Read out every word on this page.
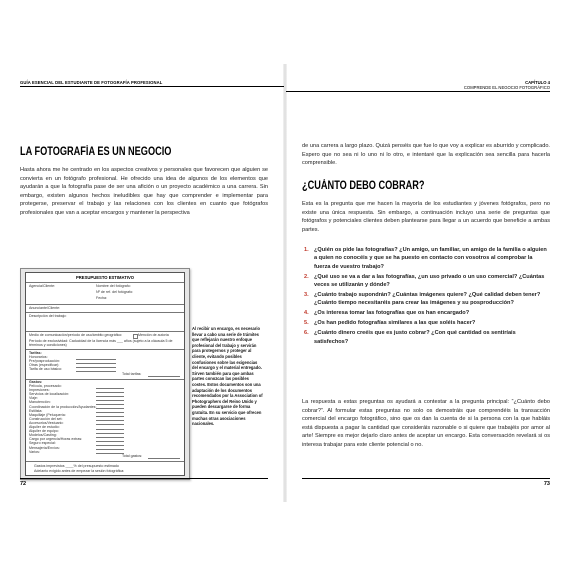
GUÍA ESENCIAL DEL ESTUDIANTE DE FOTOGRAFÍA PROFESIONAL	CAPÍTULO 4
COMPRENDE EL NEGOCIO FOTOGRÁFICO
LA FOTOGRAFÍA ES UN NEGOCIO

Hasta ahora me he centrado en los aspectos creativos y personales que favorecen que alguien se convierta en un fotógrafo profesional. He ofrecido una idea de algunos de los elementos que ayudarán a que la fotografía pase de ser una afición o un proyecto académico a una carrera. Sin embargo, existen algunos hechos ineludibles que hay que comprender e implementar para protegerse, preservar el trabajo y las relaciones con los clientes en cuanto que fotógrafos profesionales que van a aceptar encargos y mantener la perspectiva

PRESUPUESTO ESTIMATIVO
Agencia/Cliente:	Nombre del fotógrafo:
Nº de ref. del fotógrafo:
Fecha:
Anunciante/Cliente:
Descripción del trabajo:
Medio de comunicación/período de uso/ámbito geográfico:	Mención de autoría
Período de exclusividad: Caducidad de la licencia más ___ años (sujeto a la cláusula 5 de términos y condiciones)
Tarifas:
Honorarios:
Pre/posproducción:
Otras (especificar):
Tarifa de uso básico:
Total tarifas:
Gastos:
Película, procesado:
Impresiones:
Servicios de localización:
Viaje:
Manutención:
Coordinación de la producción/Ayudantes:
Estilista:
Maquillaje (Peluquería:
Construcción del set:
Accesorios/Vestuario:
Alquiler de estudio:
Alquiler de equipo:
Modelos/Casting:
Cargo por urgencia/Horas extras:
Seguro especial:
Mensajería/Envíos:
Varios:
Total gastos:
Gastos imprevistos ____% del presupuesto estimado
Adelanto exigido antes de empezar la sesión fotográfica:
Al recibir un encargo, es necesario llevar a cabo una serie de trámites que reflejarán nuestro enfoque profesional del trabajo y servirán para protegernos y proteger al cliente, evitando posibles confusiones sobre las exigencias del encargo y el material entregado. Sirven también para que ambas partes conozcan las posibles costes. Estos documentos son una adaptación de los documentos recomendados por la Association of Photographers del Reino Unido y pueden descargarse de forma gratuita. En su servicio que ofrecen muchas otras asociaciones nacionales.
72

de una carrera a largo plazo. Quizá penséis que fue lo que voy a explicar es aburrido y complicado. Espero que no sea ni lo uno ni lo otro, e intentaré que la explicación sea sencilla para hacerla comprensible.

¿CUÁNTO DEBO COBRAR?

Esta es la pregunta que me hacen la mayoría de los estudiantes y jóvenes fotógrafos, pero no existe una única respuesta. Sin embargo, a continuación incluyo una serie de preguntas que fotógrafos y potenciales clientes deben plantearse para llegar a un acuerdo que beneficie a ambas partes.

1. ¿Quién os pide las fotografías? ¿Un amigo, un familiar, un amigo de la familia o alguien a quien no conocéis y que se ha puesto en contacto con vosotros al comprobar la fuerza de vuestro trabajo?
2. ¿Qué uso se va a dar a las fotografías, ¿un uso privado o un uso comercial? ¿Cuántas veces se utilizarán y dónde?
3. ¿Cuánto trabajo supondrán? ¿Cuántas imágenes quiere? ¿Qué calidad deben tener? ¿Cuánto tiempo necesitaréis para crear las imágenes y su posproducción?
4. ¿Os interesa tomar las fotografías que os han encargado?
5. ¿Os han pedido fotografías similares a las que soléis hacer?
6. ¿Cuánto dinero creéis que es justo cobrar? ¿Con qué cantidad os sentiríais satisfechos?

La respuesta a estas preguntas os ayudará a contestar a la pregunta principal: “¿Cuánto debo cobrar?”. Al formular estas preguntas no solo os demostráis que comprendéis la transacción comercial del encargo fotográfico, sino que os dan la cuenta de si la persona con la que habláis está dispuesta a pagar la cantidad que consideráis razonable o si quiere que trabajéis por amor al arte! Siempre es mejor dejarlo claro antes de aceptar un encargo. Esta conversación revelará si os interesa trabajar para este cliente potencial o no.

73
